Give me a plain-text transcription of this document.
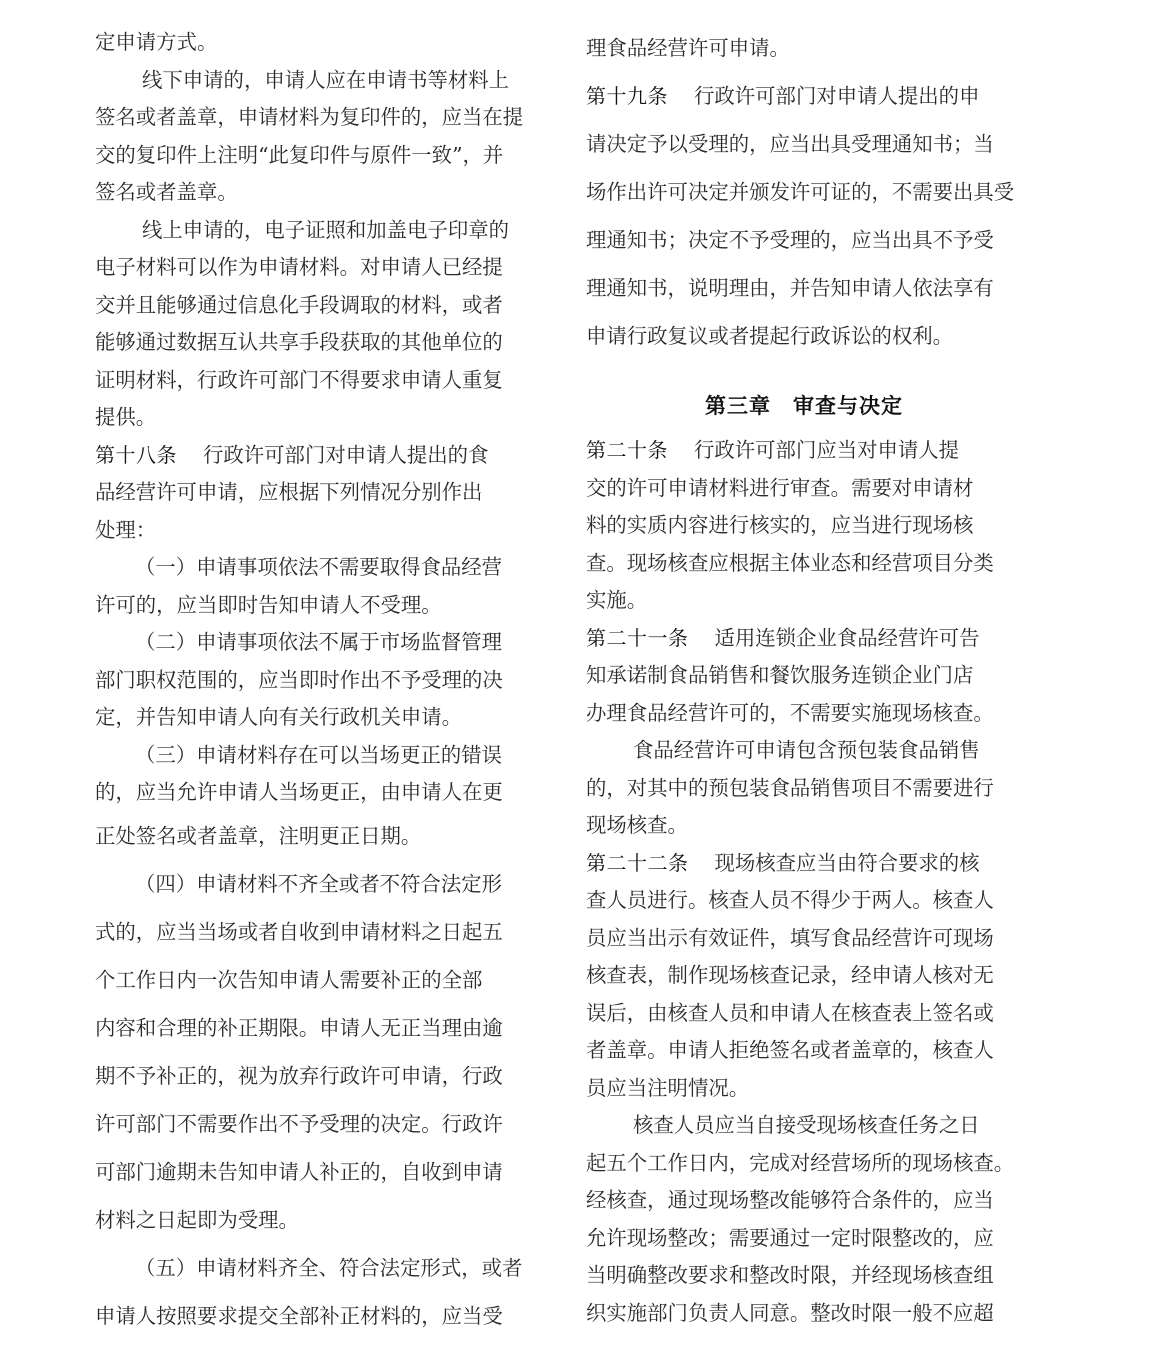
定申请方式。
线下申请的，申请人应在申请书等材料上
签名或者盖章，申请材料为复印件的，应当在提
交的复印件上注明“此复印件与原件一致”，并
签名或者盖章。
线上申请的，电子证照和加盖电子印章的
电子材料可以作为申请材料。对申请人已经提
交并且能够通过信息化手段调取的材料，或者
能够通过数据互认共享手段获取的其他单位的
证明材料，行政许可部门不得要求申请人重复
提供。
第十八条 行政许可部门对申请人提出的食
品经营许可申请，应根据下列情况分别作出
处理：
（一）申请事项依法不需要取得食品经营
许可的，应当即时告知申请人不受理。
（二）申请事项依法不属于市场监督管理
部门职权范围的，应当即时作出不予受理的决
定，并告知申请人向有关行政机关申请。
（三）申请材料存在可以当场更正的错误
的，应当允许申请人当场更正，由申请人在更
正处签名或者盖章，注明更正日期。
（四）申请材料不齐全或者不符合法定形
式的，应当当场或者自收到申请材料之日起五
个工作日内一次告知申请人需要补正的全部
内容和合理的补正期限。申请人无正当理由逾
期不予补正的，视为放弃行政许可申请，行政
许可部门不需要作出不予受理的决定。行政许
可部门逾期未告知申请人补正的，自收到申请
材料之日起即为受理。
（五）申请材料齐全、符合法定形式，或者
申请人按照要求提交全部补正材料的，应当受
理食品经营许可申请。
第十九条 行政许可部门对申请人提出的申
请决定予以受理的，应当出具受理通知书；当
场作出许可决定并颁发许可证的，不需要出具受
理通知书；决定不予受理的，应当出具不予受
理通知书，说明理由，并告知申请人依法享有
申请行政复议或者提起行政诉讼的权利。
第三章　审查与决定
第二十条 行政许可部门应当对申请人提
交的许可申请材料进行审查。需要对申请材
料的实质内容进行核实的，应当进行现场核
查。现场核查应根据主体业态和经营项目分类
实施。
第二十一条 适用连锁企业食品经营许可告
知承诺制食品销售和餐饮服务连锁企业门店
办理食品经营许可的，不需要实施现场核查。
食品经营许可申请包含预包装食品销售
的，对其中的预包装食品销售项目不需要进行
现场核查。
第二十二条 现场核查应当由符合要求的核
查人员进行。核查人员不得少于两人。核查人
员应当出示有效证件，填写食品经营许可现场
核查表，制作现场核查记录，经申请人核对无
误后，由核查人员和申请人在核查表上签名或
者盖章。申请人拒绝签名或者盖章的，核查人
员应当注明情况。
核查人员应当自接受现场核查任务之日
起五个工作日内，完成对经营场所的现场核查。
经核查，通过现场整改能够符合条件的，应当
允许现场整改；需要通过一定时限整改的，应
当明确整改要求和整改时限，并经现场核查组
织实施部门负责人同意。整改时限一般不应超
